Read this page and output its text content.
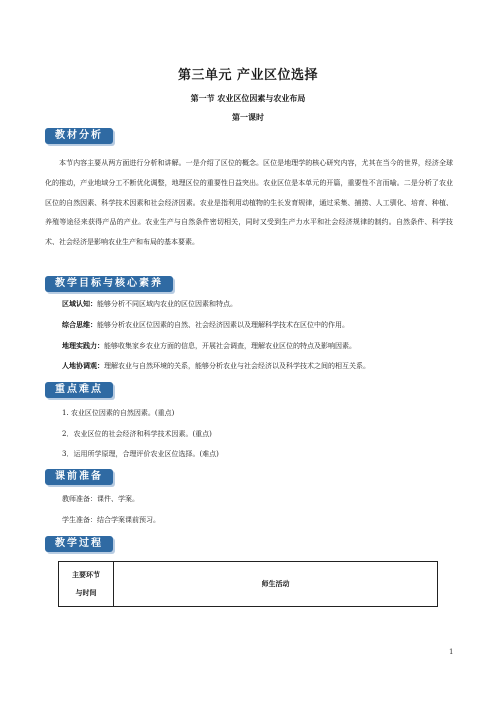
第三单元 产业区位选择
第一节 农业区位因素与农业布局
第一课时
教材分析
本节内容主要从两方面进行分析和讲解。一是介绍了区位的概念。区位是地理学的核心研究内容，尤其在当今的世界，经济全球化的推动，产业地域分工不断优化调整，地理区位的重要性日益突出。农业区位是本单元的开篇，重要性不言而喻。二是分析了农业区位的自然因素、科学技术因素和社会经济因素。农业是指利用动植物的生长发育规律，通过采集、捕捞、人工驯化、培育、种植、养殖等途径来获得产品的产业。农业生产与自然条件密切相关，同时又受到生产力水平和社会经济规律的制约。自然条件、科学技术、社会经济是影响农业生产和布局的基本要素。
教学目标与核心素养
区域认知：能够分析不同区域内农业的区位因素和特点。
综合思维：能够分析农业区位因素的自然、社会经济因素以及理解科学技术在区位中的作用。
地理实践力：能够收集家乡农业方面的信息，开展社会调查，理解农业区位的特点及影响因素。
人地协调观：理解农业与自然环境的关系，能够分析农业与社会经济以及科学技术之间的相互关系。
重点难点
1. 农业区位因素的自然因素。(重点)
2．农业区位的社会经济和科学技术因素。(重点)
3．运用所学原理，合理评价农业区位选择。(难点)
课前准备
教师准备：课件、学案。
学生准备：结合学案课前预习。
教学过程
主要环节
与时间
	师生活动
1
